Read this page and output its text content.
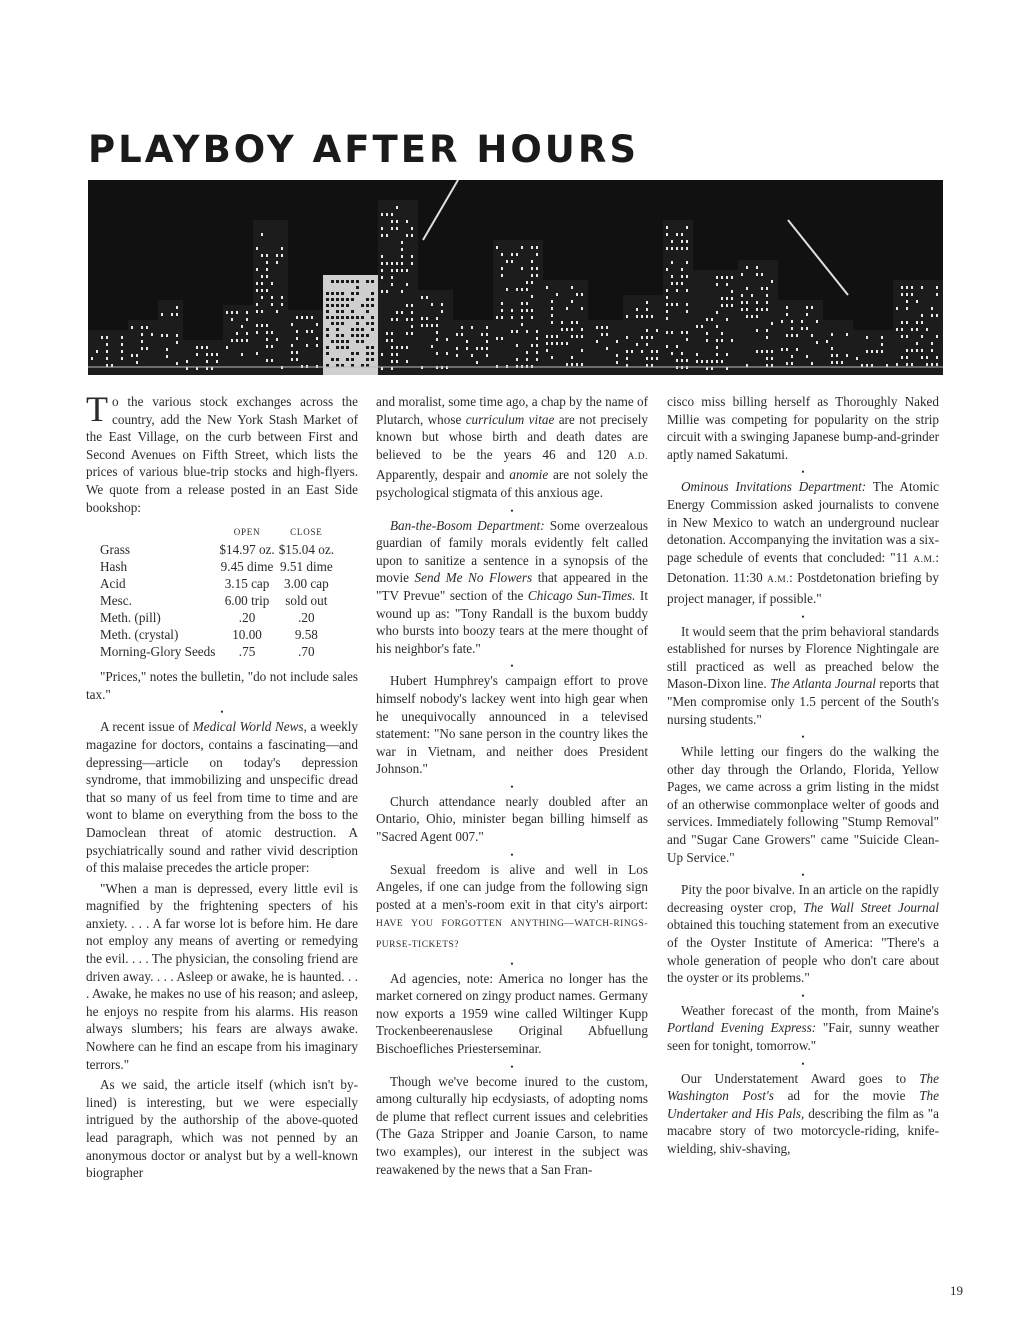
PLAYBOY AFTER HOURS

To the various stock exchanges across the country, add the New York Stash Market of the East Village, on the curb between First and Second Avenues on Fifth Street, which lists the prices of various blue-trip stocks and high-flyers. We quote from a release posted in an East Side bookshop:

	OPEN	CLOSE
Grass	$14.97 oz.	$15.04 oz.
Hash	9.45 dime	9.51 dime
Acid	3.15 cap	3.00 cap
Mesc.	6.00 trip	sold out
Meth. (pill)	.20	.20
Meth. (crystal)	10.00	9.58
Morning-Glory Seeds	.75	.70

"Prices," notes the bulletin, "do not include sales tax."

•

A recent issue of Medical World News, a weekly magazine for doctors, contains a fascinating—and depressing—article on today's depression syndrome, that immobilizing and unspecific dread that so many of us feel from time to time and are wont to blame on everything from the boss to the Damoclean threat of atomic destruction. A psychiatrically sound and rather vivid description of this malaise precedes the article proper:

"When a man is depressed, every little evil is magnified by the frightening specters of his anxiety. . . . A far worse lot is before him. He dare not employ any means of averting or remedying the evil. . . . The physician, the consoling friend are driven away. . . . Asleep or awake, he is haunted. . . . Awake, he makes no use of his reason; and asleep, he enjoys no respite from his alarms. His reason always slumbers; his fears are always awake. Nowhere can he find an escape from his imaginary terrors."

As we said, the article itself (which isn't by-lined) is interesting, but we were especially intrigued by the authorship of the above-quoted lead paragraph, which was not penned by an anonymous doctor or analyst but by a well-known biographer

and moralist, some time ago, a chap by the name of Plutarch, whose curriculum vitae are not precisely known but whose birth and death dates are believed to be the years 46 and 120 A.D. Apparently, despair and anomie are not solely the psychological stigmata of this anxious age.

•

Ban-the-Bosom Department: Some overzealous guardian of family morals evidently felt called upon to sanitize a sentence in a synopsis of the movie Send Me No Flowers that appeared in the "TV Prevue" section of the Chicago Sun-Times. It wound up as: "Tony Randall is the buxom buddy who bursts into boozy tears at the mere thought of his neighbor's fate."

•

Hubert Humphrey's campaign effort to prove himself nobody's lackey went into high gear when he unequivocally announced in a televised statement: "No sane person in the country likes the war in Vietnam, and neither does President Johnson."

•

Church attendance nearly doubled after an Ontario, Ohio, minister began billing himself as "Sacred Agent 007."

•

Sexual freedom is alive and well in Los Angeles, if one can judge from the following sign posted at a men's-room exit in that city's airport: HAVE YOU FORGOTTEN ANYTHING—WATCH-RINGS-PURSE-TICKETS?

•

Ad agencies, note: America no longer has the market cornered on zingy product names. Germany now exports a 1959 wine called Wiltinger Kupp Trockenbeerenauslese Original Abfuellung Bischoefliches Priesterseminar.

•

Though we've become inured to the custom, among culturally hip ecdysiasts, of adopting noms de plume that reflect current issues and celebrities (The Gaza Stripper and Joanie Carson, to name two examples), our interest in the subject was reawakened by the news that a San Fran-

cisco miss billing herself as Thoroughly Naked Millie was competing for popularity on the strip circuit with a swinging Japanese bump-and-grinder aptly named Sakatumi.

•

Ominous Invitations Department: The Atomic Energy Commission asked journalists to convene in New Mexico to watch an underground nuclear detonation. Accompanying the invitation was a six-page schedule of events that concluded: "11 A.M.: Detonation. 11:30 A.M.: Postdetonation briefing by project manager, if possible."

•

It would seem that the prim behavioral standards established for nurses by Florence Nightingale are still practiced as well as preached below the Mason-Dixon line. The Atlanta Journal reports that "Men compromise only 1.5 percent of the South's nursing students."

•

While letting our fingers do the walking the other day through the Orlando, Florida, Yellow Pages, we came across a grim listing in the midst of an otherwise commonplace welter of goods and services. Immediately following "Stump Removal" and "Sugar Cane Growers" came "Suicide Clean-Up Service."

•

Pity the poor bivalve. In an article on the rapidly decreasing oyster crop, The Wall Street Journal obtained this touching statement from an executive of the Oyster Institute of America: "There's a whole generation of people who don't care about the oyster or its problems."

•

Weather forecast of the month, from Maine's Portland Evening Express: "Fair, sunny weather seen for tonight, tomorrow."

•

Our Understatement Award goes to The Washington Post's ad for the movie The Undertaker and His Pals, describing the film as "a macabre story of two motorcycle-riding, knife-wielding, shiv-shaving,

19
